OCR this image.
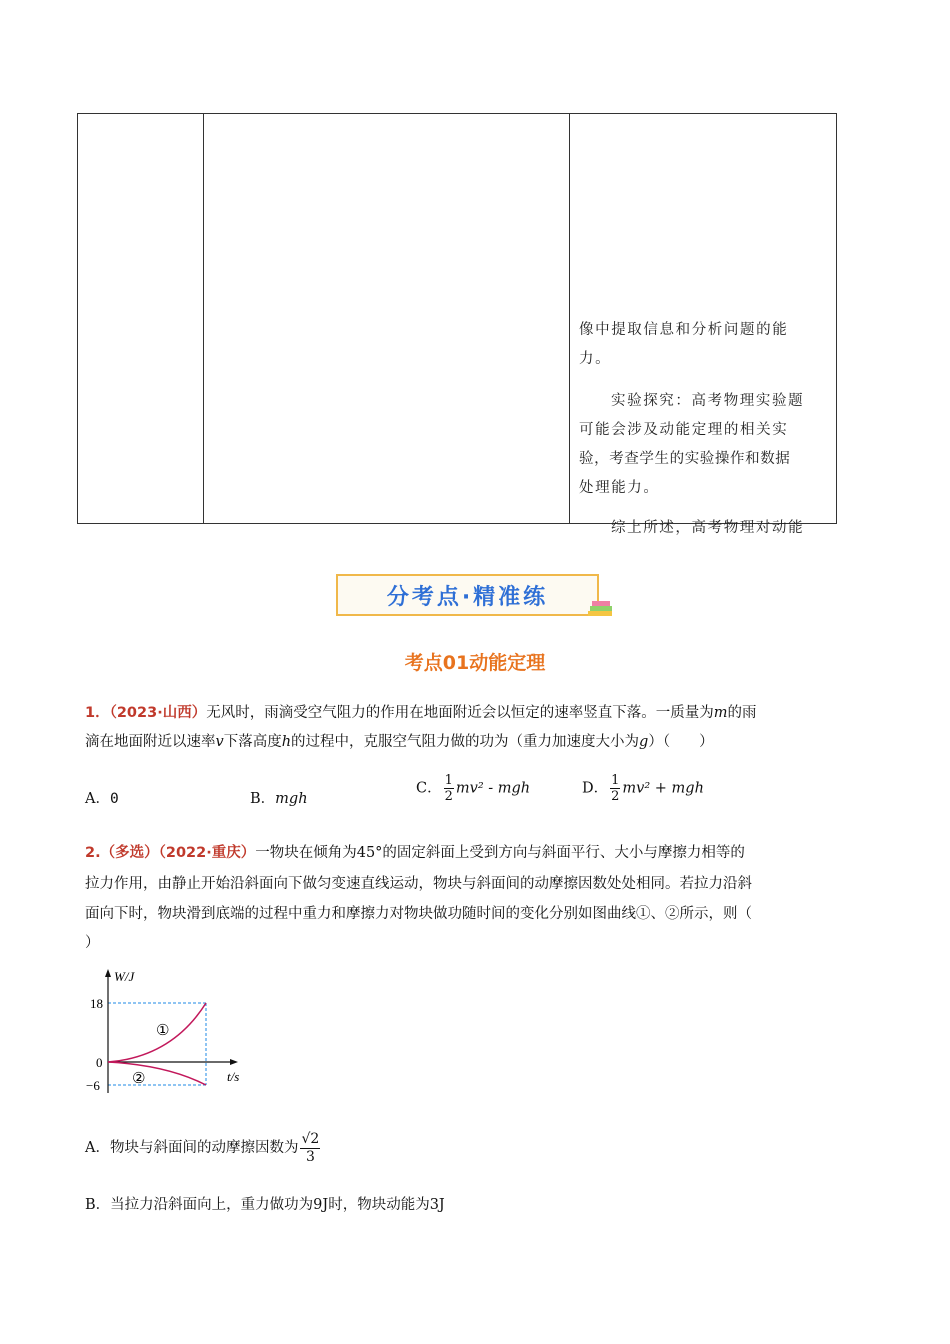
像中提取信息和分析问题的能
力。
实验探究：高考物理实验题
可能会涉及动能定理的相关实
验，考查学生的实验操作和数据
处理能力。
综上所述，高考物理对动能
分考点·精准练
考点01动能定理
1．（2023·山西）无风时，雨滴受空气阻力的作用在地面附近会以恒定的速率竖直下落。一质量为m的雨
滴在地面附近以速率v下落高度h的过程中，克服空气阻力做的功为（重力加速度大小为g）（　　）
A．0	B．mgh
C． $\frac{1}{2} mv^2$ - mgh	D． $\frac{1}{2} mv^2$ + mgh
2.（多选）（2022·重庆）一物块在倾角为45°的固定斜面上受到方向与斜面平行、大小与摩擦力相等的
拉力作用，由静止开始沿斜面向下做匀变速直线运动，物块与斜面间的动摩擦因数处处相同。若拉力沿斜
面向下时，物块滑到底端的过程中重力和摩擦力对物块做功随时间的变化分别如图曲线①、②所示，则（
）
W/J
18
0
−6
t/s
①
②
A．物块与斜面间的动摩擦因数为 $\frac{√2}{3}$
B．当拉力沿斜面向上，重力做功为9J时，物块动能为3J
